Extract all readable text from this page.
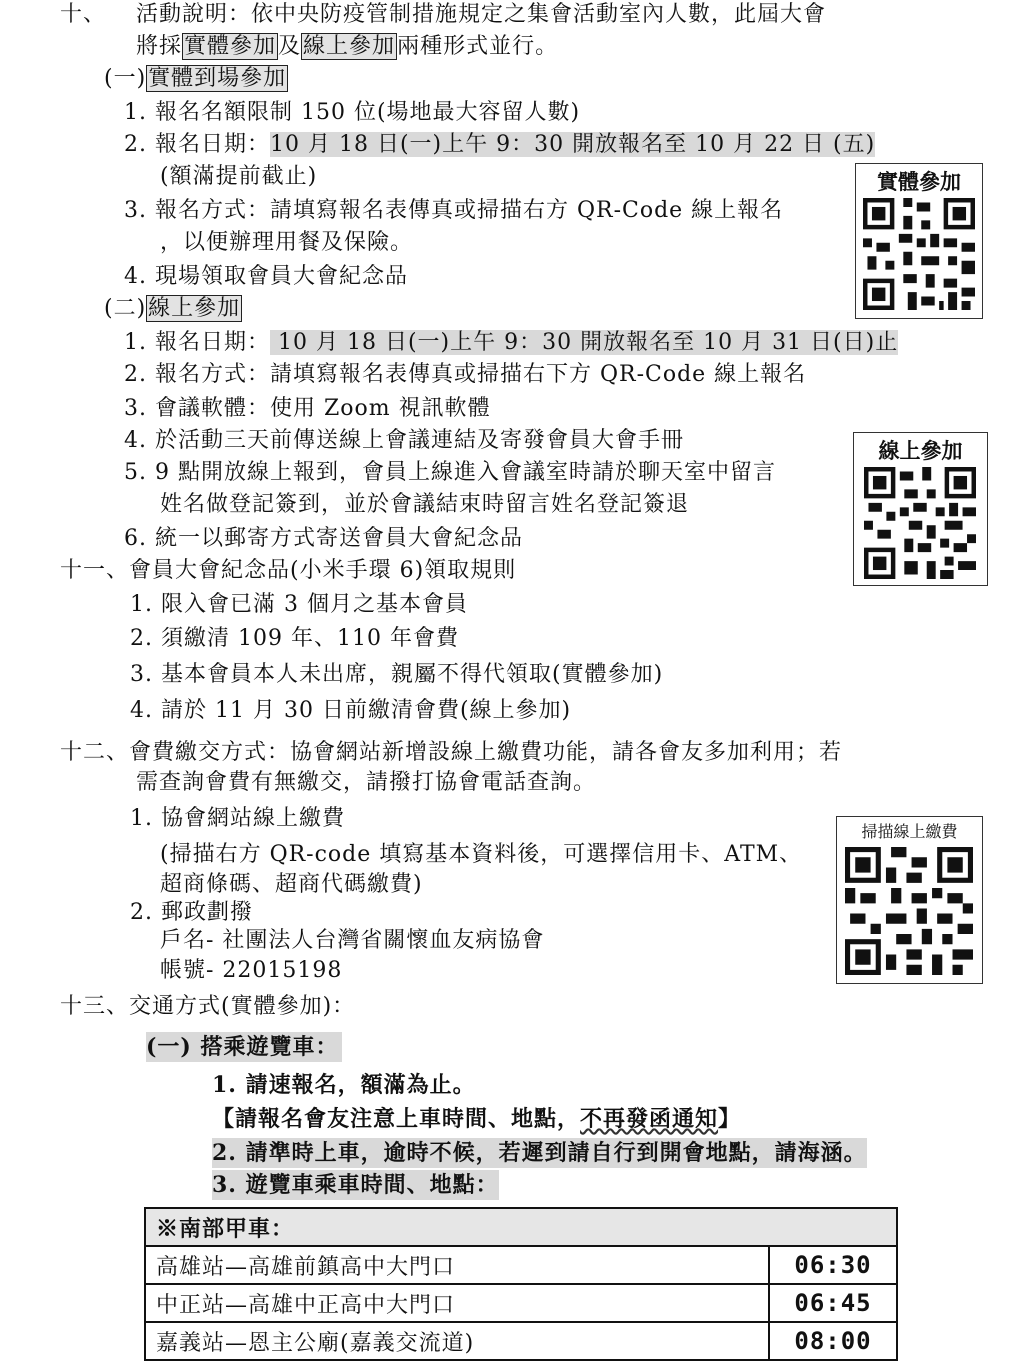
十、 活動說明：依中央防疫管制措施規定之集會活動室內人數，此屆大會
將採實體參加及線上參加兩種形式並行。
(一)實體到場參加
1. 報名名額限制 150 位(場地最大容留人數)
2. 報名日期：10 月 18 日(一)上午 9：30 開放報名至 10 月 22 日 (五)
(額滿提前截止)
3. 報名方式：請填寫報名表傳真或掃描右方 QR-Code 線上報名
，以便辦理用餐及保險。
4. 現場領取會員大會紀念品
(二)線上參加
1. 報名日期： 10 月 18 日(一)上午 9：30 開放報名至 10 月 31 日(日)止
2. 報名方式：請填寫報名表傳真或掃描右下方 QR-Code 線上報名
3. 會議軟體：使用 Zoom 視訊軟體
4. 於活動三天前傳送線上會議連結及寄發會員大會手冊
5. 9 點開放線上報到，會員上線進入會議室時請於聊天室中留言
姓名做登記簽到，並於會議結束時留言姓名登記簽退
6. 統一以郵寄方式寄送會員大會紀念品
實體參加
線上參加
十一、會員大會紀念品(小米手環 6)領取規則
1. 限入會已滿 3 個月之基本會員
2. 須繳清 109 年、110 年會費
3. 基本會員本人未出席，親屬不得代領取(實體參加)
4. 請於 11 月 30 日前繳清會費(線上參加)
十二、會費繳交方式：協會網站新增設線上繳費功能，請各會友多加利用；若
需查詢會費有無繳交，請撥打協會電話查詢。
1. 協會網站線上繳費
(掃描右方 QR-code 填寫基本資料後，可選擇信用卡、ATM、
超商條碼、超商代碼繳費)
2. 郵政劃撥
戶名- 社團法人台灣省關懷血友病協會
帳號- 22015198
掃描線上繳費
十三、交通方式(實體參加)：
(一) 搭乘遊覽車：
1. 請速報名，額滿為止。
【請報名會友注意上車時間、地點，不再發函通知】
2. 請準時上車，逾時不候，若遲到請自行到開會地點，請海涵。
3. 遊覽車乘車時間、地點：
※南部甲車：	
高雄站—高雄前鎮高中大門口	06:30
中正站—高雄中正高中大門口	06:45
嘉義站—恩主公廟(嘉義交流道)	08:00
